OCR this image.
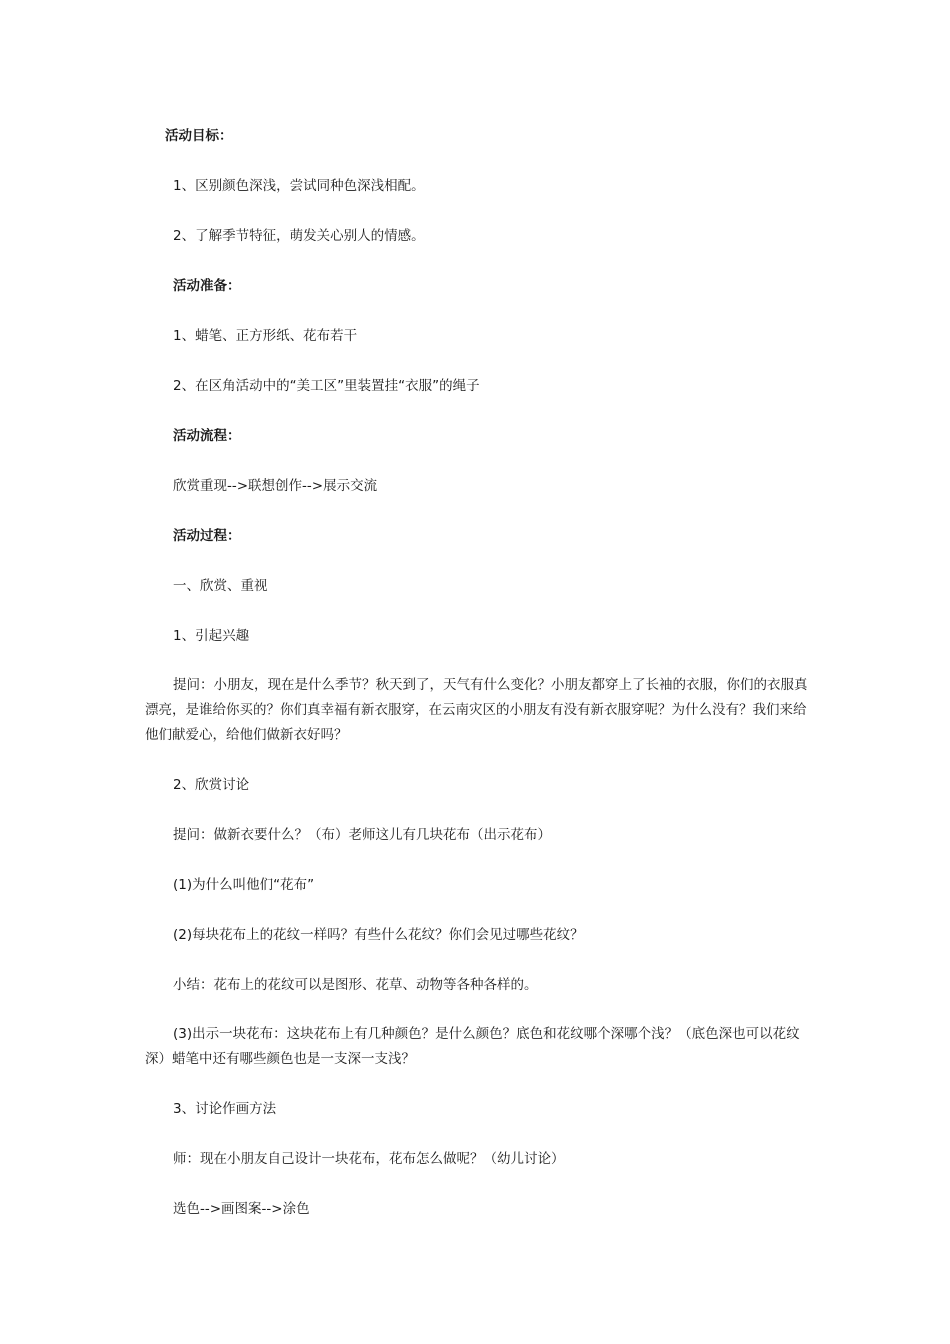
活动目标：
1、区别颜色深浅，尝试同种色深浅相配。
2、了解季节特征，萌发关心别人的情感。
活动准备：
1、蜡笔、正方形纸、花布若干
2、在区角活动中的“美工区”里装置挂“衣服”的绳子
活动流程：
欣赏重现-->联想创作-->展示交流
活动过程：
一、欣赏、重视
1、引起兴趣
提问：小朋友，现在是什么季节？秋天到了，天气有什么变化？小朋友都穿上了长袖的衣服，你们的衣服真漂亮，是谁给你买的？你们真幸福有新衣服穿，在云南灾区的小朋友有没有新衣服穿呢？为什么没有？我们来给他们献爱心，给他们做新衣好吗？
2、欣赏讨论
提问：做新衣要什么？（布）老师这儿有几块花布（出示花布）
(1)为什么叫他们“花布”
(2)每块花布上的花纹一样吗？有些什么花纹？你们会见过哪些花纹？
小结：花布上的花纹可以是图形、花草、动物等各种各样的。
(3)出示一块花布：这块花布上有几种颜色？是什么颜色？底色和花纹哪个深哪个浅？（底色深也可以花纹深）蜡笔中还有哪些颜色也是一支深一支浅？
3、讨论作画方法
师：现在小朋友自己设计一块花布，花布怎么做呢？（幼儿讨论）
选色-->画图案-->涂色
